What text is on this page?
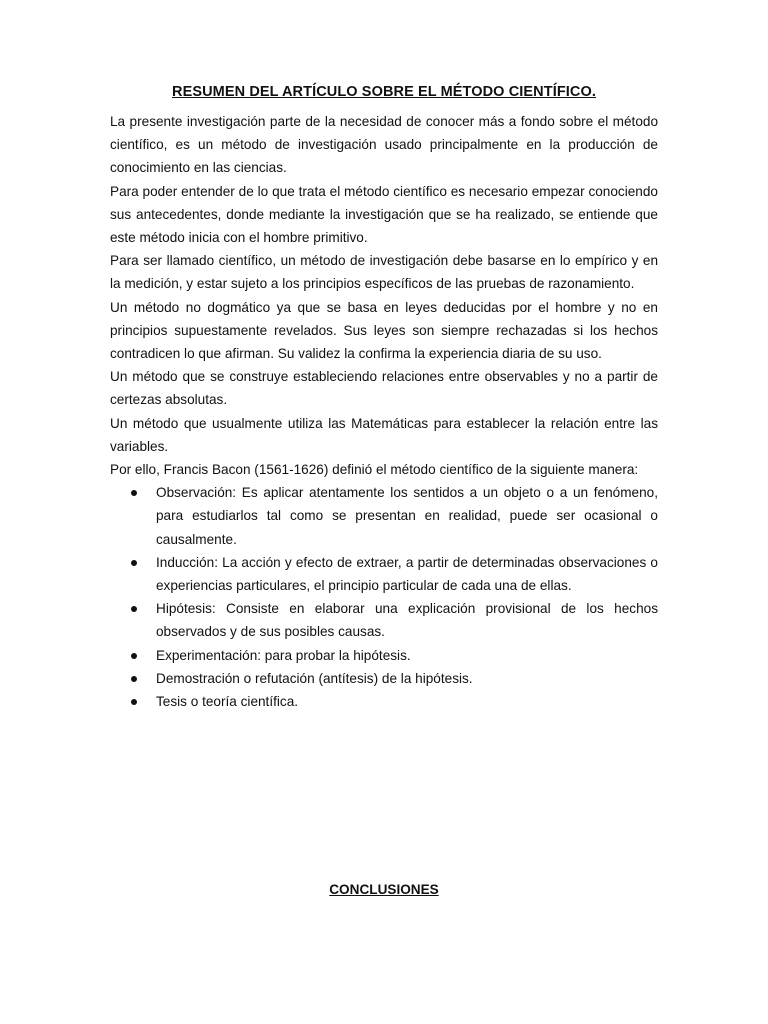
RESUMEN DEL ARTÍCULO SOBRE EL MÉTODO CIENTÍFICO.

La presente investigación parte de la necesidad de conocer más a fondo sobre el método científico, es un método de investigación usado principalmente en la producción de conocimiento en las ciencias.

Para poder entender de lo que trata el método científico es necesario empezar conociendo sus antecedentes, donde mediante la investigación que se ha realizado, se entiende que este método inicia con el hombre primitivo.

Para ser llamado científico, un método de investigación debe basarse en lo empírico y en la medición, y estar sujeto a los principios específicos de las pruebas de razonamiento.

Un método no dogmático ya que se basa en leyes deducidas por el hombre y no en principios supuestamente revelados. Sus leyes son siempre rechazadas si los hechos contradicen lo que afirman. Su validez la confirma la experiencia diaria de su uso.

Un método que se construye estableciendo relaciones entre observables y no a partir de certezas absolutas.

Un método que usualmente utiliza las Matemáticas para establecer la relación entre las variables.

Por ello, Francis Bacon (1561-1626) definió el método científico de la siguiente manera:

Observación: Es aplicar atentamente los sentidos a un objeto o a un fenómeno, para estudiarlos tal como se presentan en realidad, puede ser ocasional o causalmente.
Inducción: La acción y efecto de extraer, a partir de determinadas observaciones o experiencias particulares, el principio particular de cada una de ellas.
Hipótesis: Consiste en elaborar una explicación provisional de los hechos observados y de sus posibles causas.
Experimentación: para probar la hipótesis.
Demostración o refutación (antítesis) de la hipótesis.
Tesis o teoría científica.
CONCLUSIONES
